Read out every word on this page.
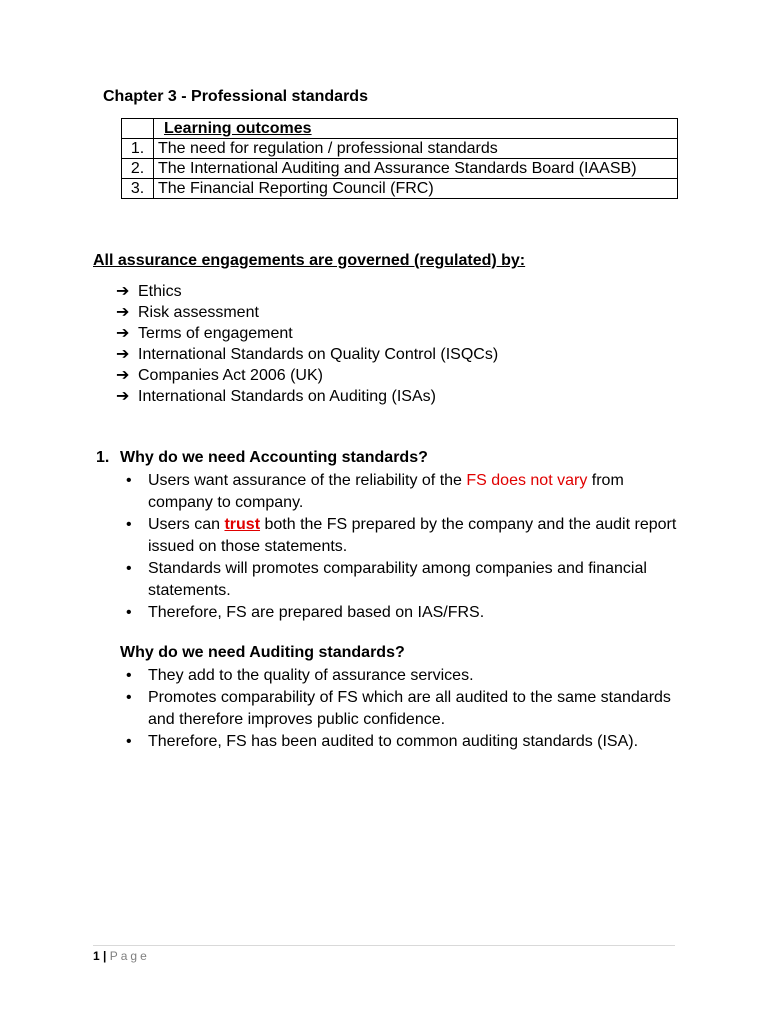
Chapter 3 - Professional standards
	Learning outcomes
1.	The need for regulation / professional standards
2.	The International Auditing and Assurance Standards Board (IAASB)
3.	The Financial Reporting Council (FRC)
All assurance engagements are governed (regulated) by:
➔ Ethics
➔ Risk assessment
➔ Terms of engagement
➔ International Standards on Quality Control (ISQCs)
➔ Companies Act 2006 (UK)
➔ International Standards on Auditing (ISAs)
1. Why do we need Accounting standards?
• Users want assurance of the reliability of the FS does not vary from company to company.
• Users can trust both the FS prepared by the company and the audit report issued on those statements.
• Standards will promotes comparability among companies and financial statements.
• Therefore, FS are prepared based on IAS/FRS.
Why do we need Auditing standards?
• They add to the quality of assurance services.
• Promotes comparability of FS which are all audited to the same standards and therefore improves public confidence.
• Therefore, FS has been audited to common auditing standards (ISA).
1 | Page
